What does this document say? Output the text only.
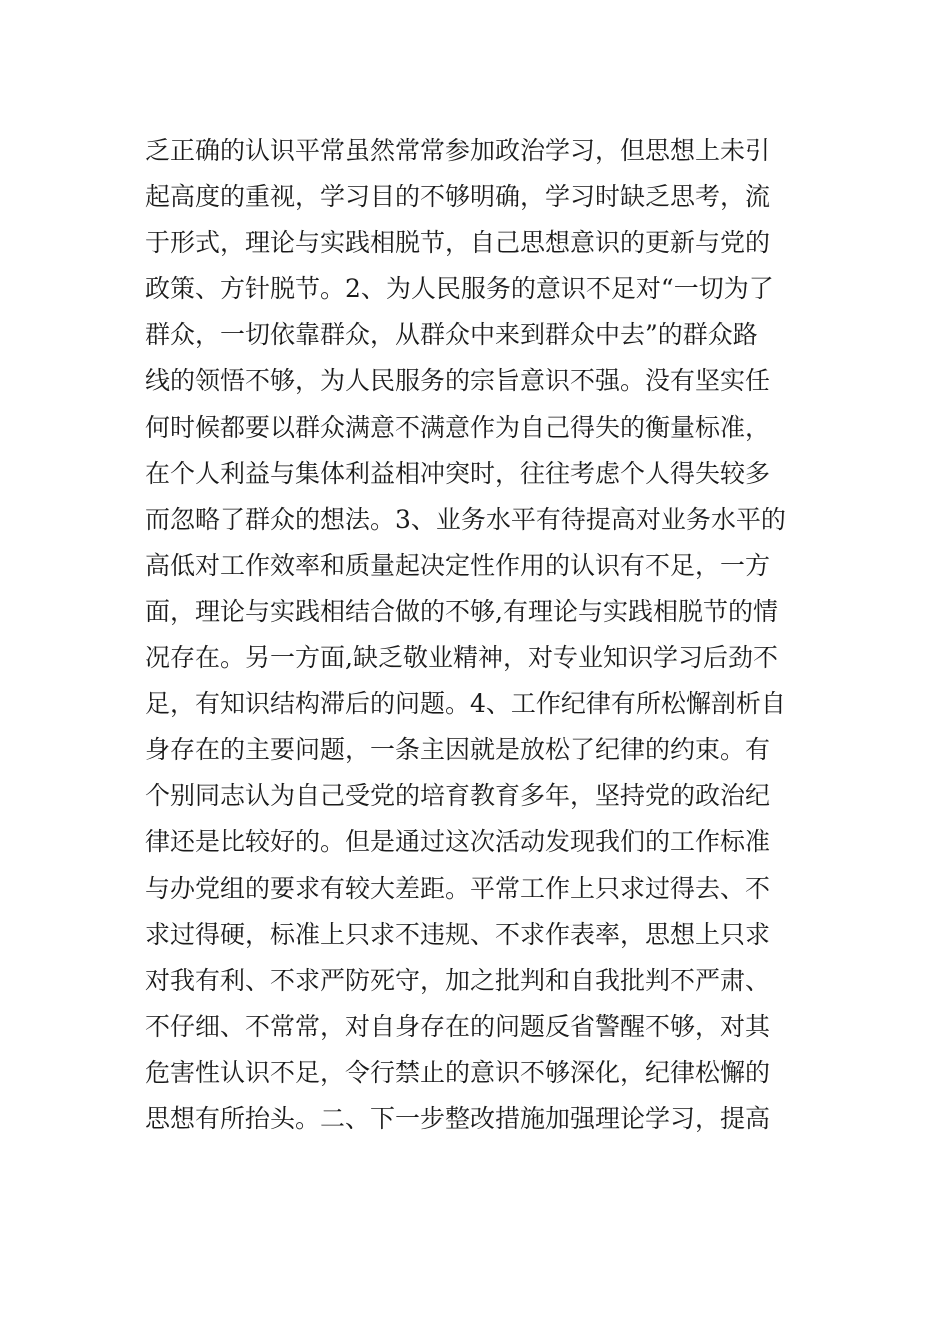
乏正确的认识平常虽然常常参加政治学习，但思想上未引
起高度的重视，学习目的不够明确，学习时缺乏思考，流
于形式，理论与实践相脱节，自己思想意识的更新与党的
政策、方针脱节。2、为人民服务的意识不足对“一切为了
群众，一切依靠群众，从群众中来到群众中去”的群众路
线的领悟不够，为人民服务的宗旨意识不强。没有坚实任
何时候都要以群众满意不满意作为自己得失的衡量标准，
在个人利益与集体利益相冲突时，往往考虑个人得失较多
而忽略了群众的想法。3、业务水平有待提高对业务水平的
高低对工作效率和质量起决定性作用的认识有不足，一方
面，理论与实践相结合做的不够,有理论与实践相脱节的情
况存在。另一方面,缺乏敬业精神，对专业知识学习后劲不
足，有知识结构滞后的问题。4、工作纪律有所松懈剖析自
身存在的主要问题，一条主因就是放松了纪律的约束。有
个别同志认为自己受党的培育教育多年，坚持党的政治纪
律还是比较好的。但是通过这次活动发现我们的工作标准
与办党组的要求有较大差距。平常工作上只求过得去、不
求过得硬，标准上只求不违规、不求作表率，思想上只求
对我有利、不求严防死守，加之批判和自我批判不严肃、
不仔细、不常常，对自身存在的问题反省警醒不够，对其
危害性认识不足，令行禁止的意识不够深化，纪律松懈的
思想有所抬头。二、下一步整改措施加强理论学习，提高
